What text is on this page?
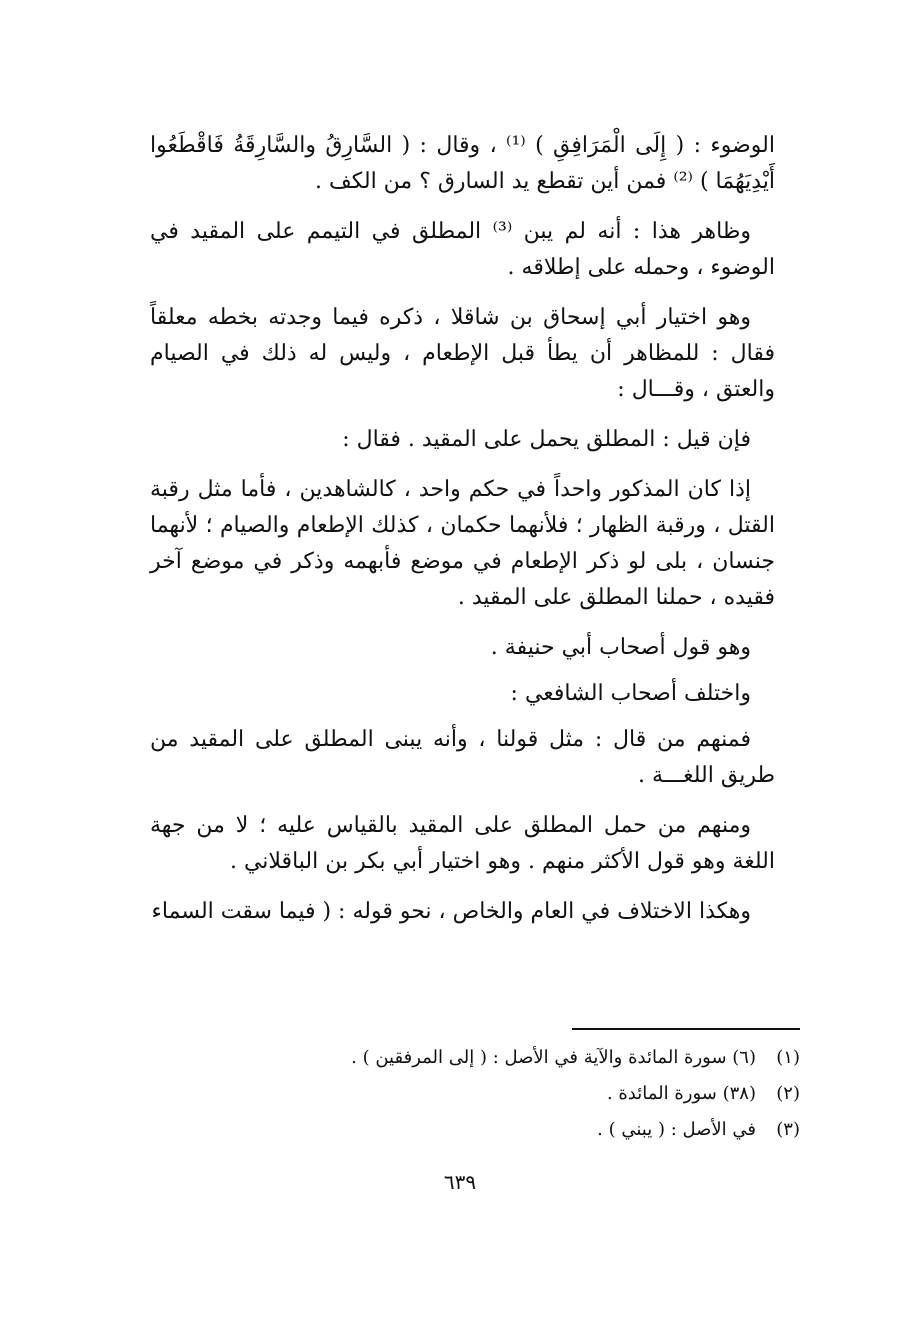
الوضوء : ( إِلَى الْمَرَافِقِ ) ⁽¹⁾ ، وقال : ( السَّارِقُ والسَّارِقَةُ فَاقْطَعُوا أَيْدِيَهُمَا ) ⁽²⁾ فمن أين تقطع يد السارق ؟ من الكف .

وظاهر هذا : أنه لم يبن ⁽³⁾ المطلق في التيمم على المقيد في الوضوء ، وحمله على إطلاقه .

وهو اختيار أبي إسحاق بن شاقلا ، ذكره فيما وجدته بخطه معلقاً فقال : للمظاهر أن يطأ قبل الإطعام ، وليس له ذلك في الصيام والعتق ، وقـــال :

فإن قيل : المطلق يحمل على المقيد . فقال :

إذا كان المذكور واحداً في حكم واحد ، كالشاهدين ، فأما مثل رقبة القتل ، ورقبة الظهار ؛ فلأنهما حكمان ، كذلك الإطعام والصيام ؛ لأنهما جنسان ، بلى لو ذكر الإطعام في موضع فأبهمه وذكر في موضع آخر فقيده ، حملنا المطلق على المقيد .

وهو قول أصحاب أبي حنيفة .

واختلف أصحاب الشافعي :

فمنهم من قال : مثل قولنا ، وأنه يبنى المطلق على المقيد من طريق اللغـــة .

ومنهم من حمل المطلق على المقيد بالقياس عليه ؛ لا من جهة اللغة وهو قول الأكثر منهم . وهو اختيار أبي بكر بن الباقلاني .

وهكذا الاختلاف في العام والخاص ، نحو قوله : ( فيما سقت السماء

(١)
(٦) سورة المائدة والآية في الأصل : ( إلى المرفقين ) .
(٢)
(٣٨) سورة المائدة .
(٣)
في الأصل : ( يبني ) .
٦٣٩
